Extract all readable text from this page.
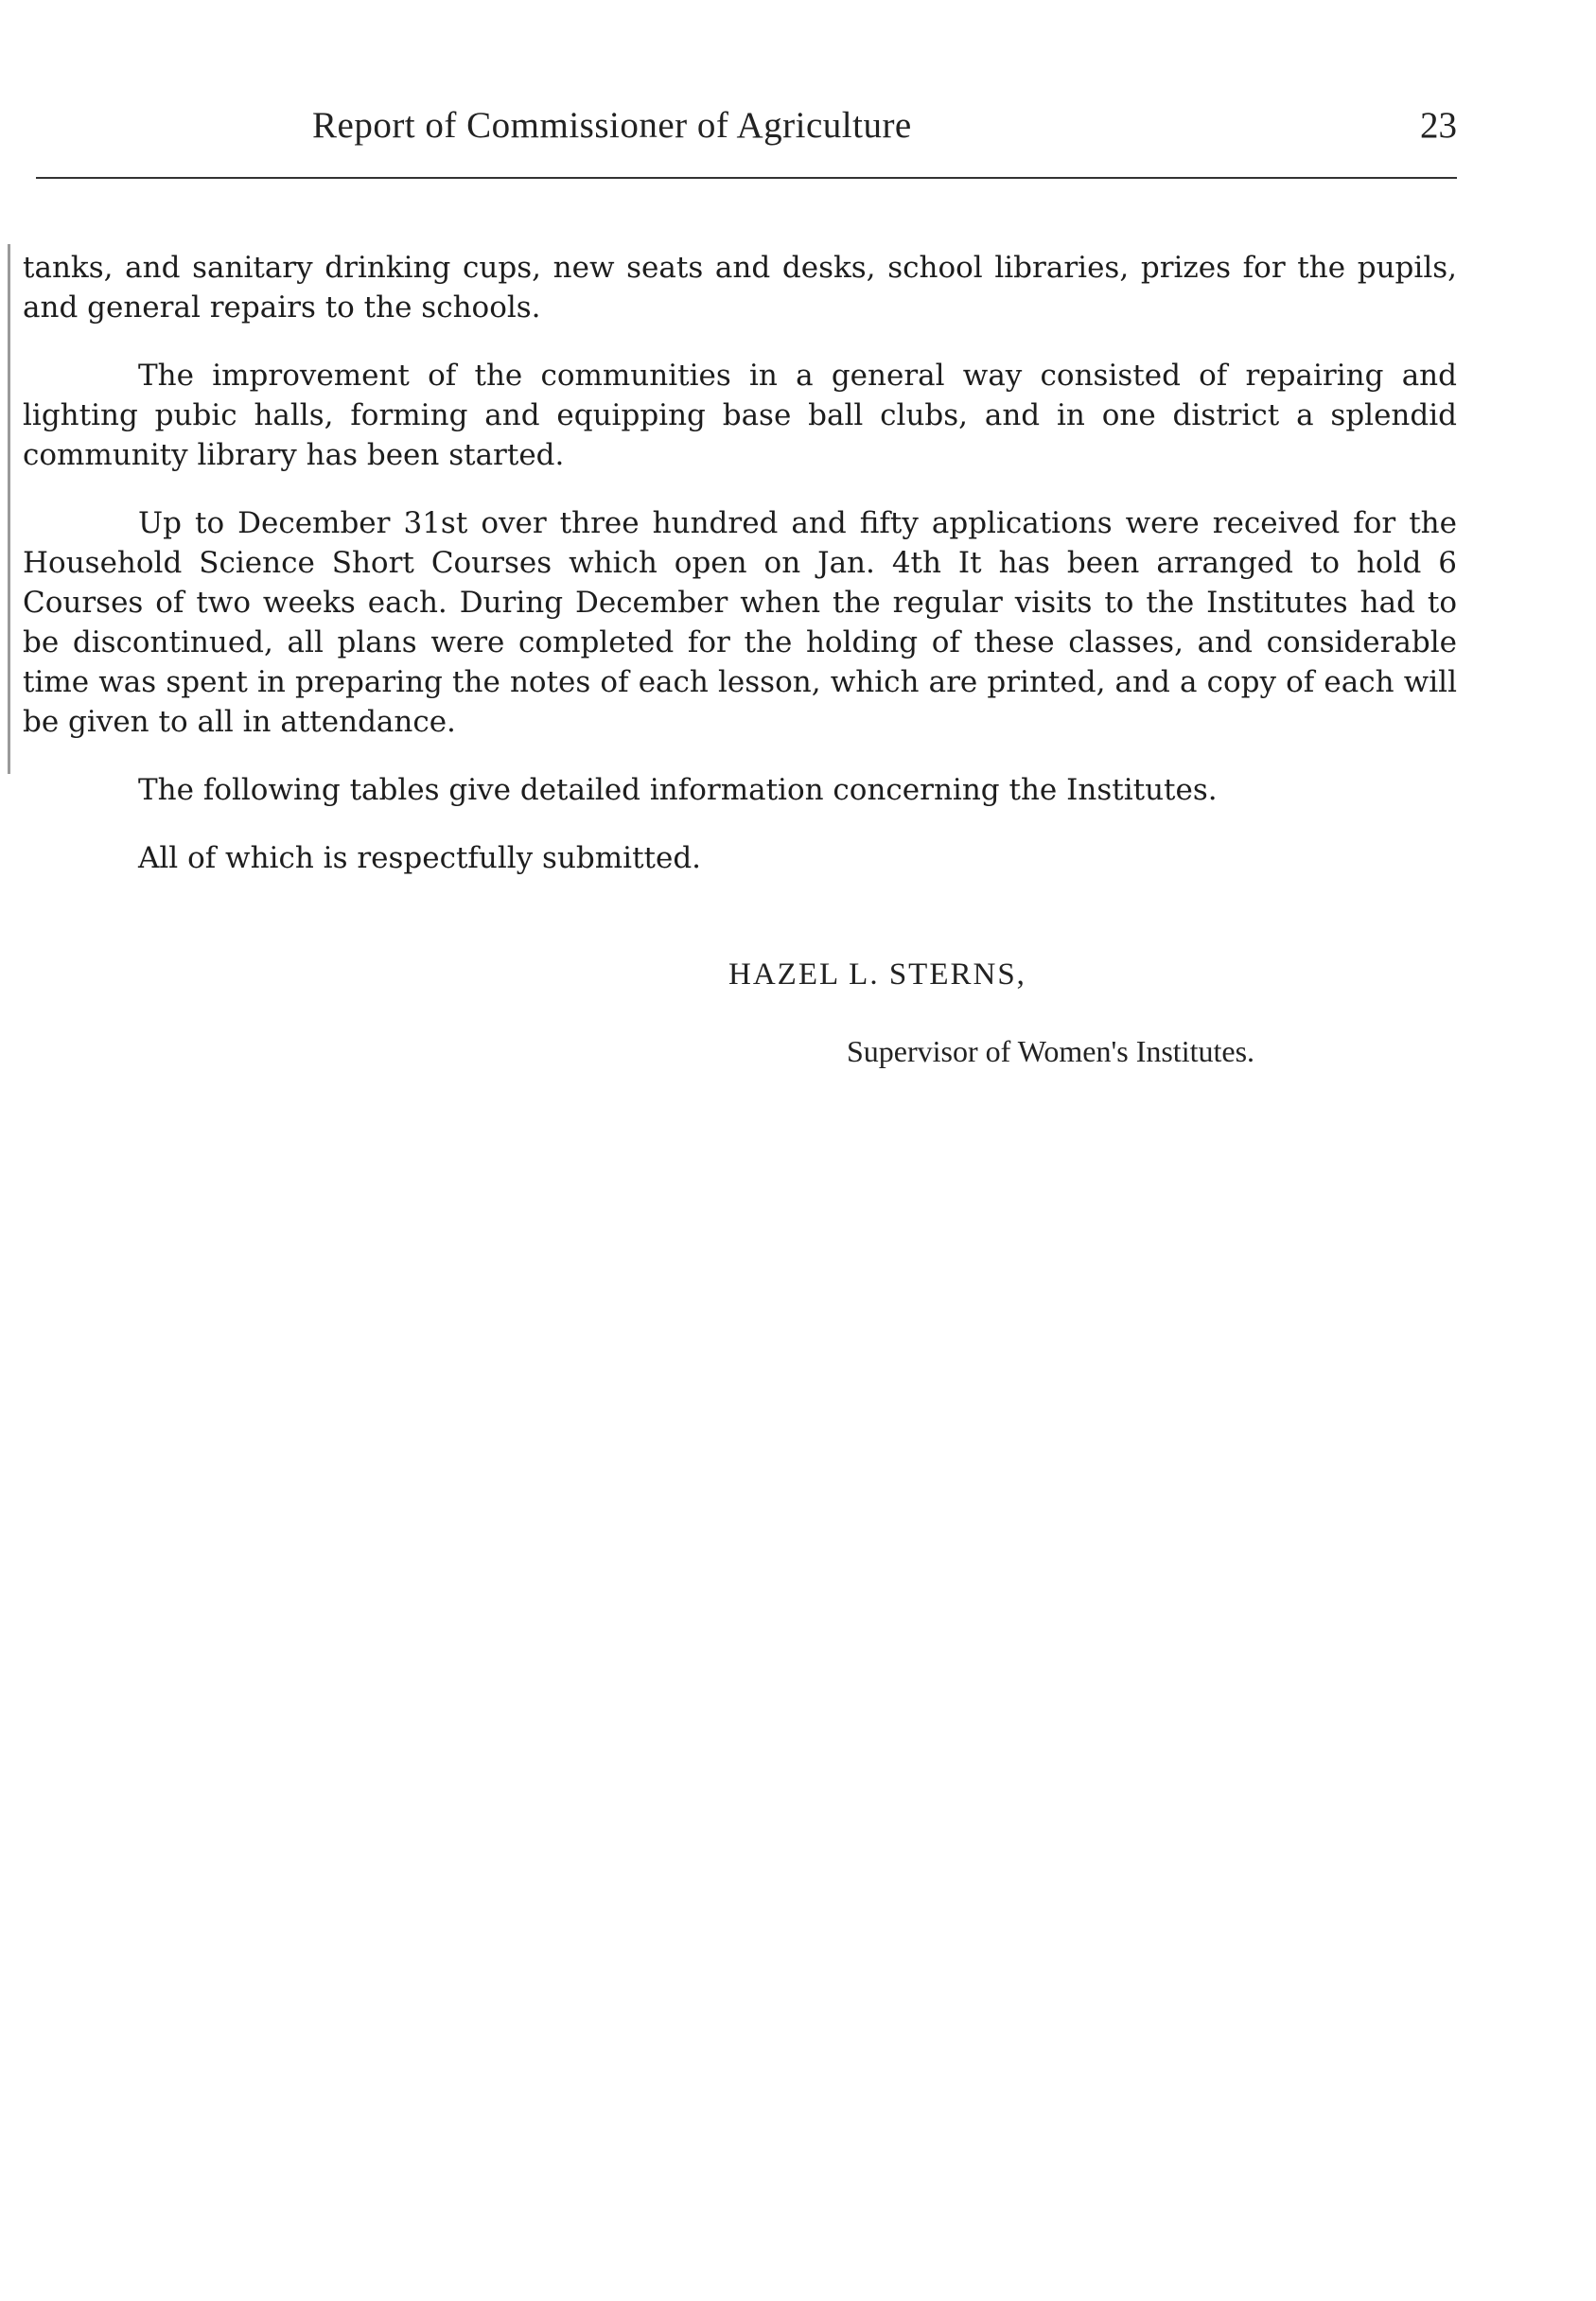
Report of Commissioner of Agriculture	23

tanks, and sanitary drinking cups, new seats and desks, school libraries, prizes for the pupils, and general repairs to the schools.

The improvement of the communities in a general way consisted of repairing and lighting pubic halls, forming and equipping base ball clubs, and in one district a splendid community library has been started.

Up to December 31st over three hundred and fifty applications were received for the Household Science Short Courses which open on Jan. 4th It has been arranged to hold 6 Courses of two weeks each. During December when the regular visits to the Institutes had to be discontinued, all plans were completed for the holding of these classes, and considerable time was spent in preparing the notes of each lesson, which are printed, and a copy of each will be given to all in attendance.

The following tables give detailed information concerning the Institutes.

All of which is respectfully submitted.

HAZEL L. STERNS,
Supervisor of Women's Institutes.
